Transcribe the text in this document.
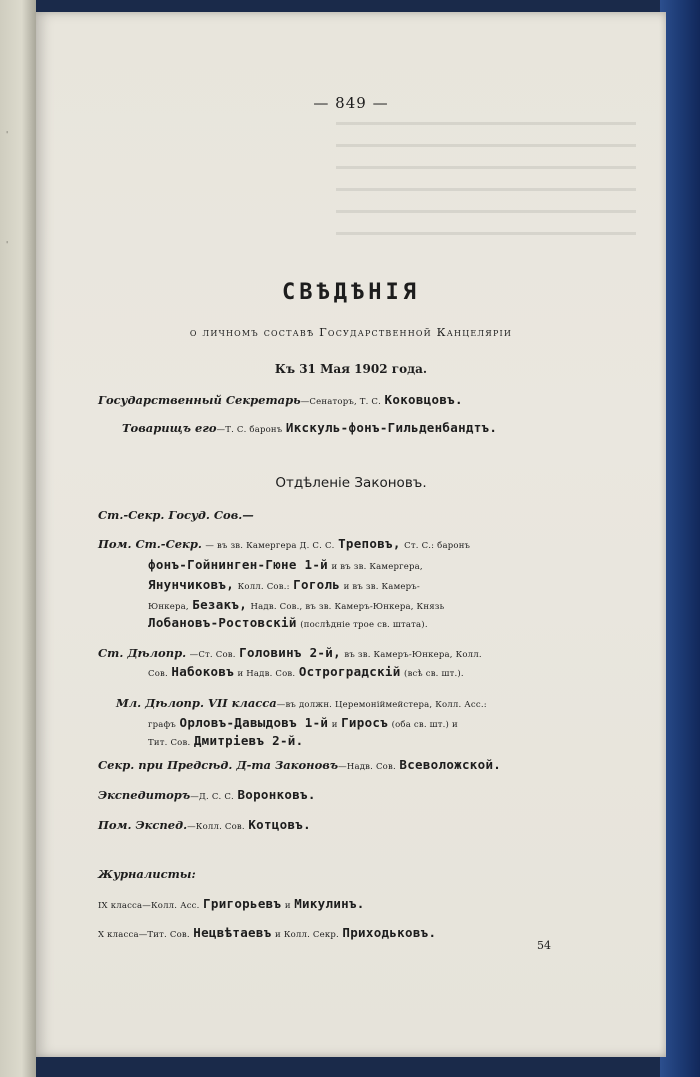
'
'
— 849 —
СВѢДѢНІЯ
о личномъ составѣ Государственной Канцеляріи
Къ 31 Мая 1902 года.
Государственный Секретарь—Сенаторъ, Т. С. Коковцовъ.
Товарищъ его—Т. С. баронъ Икскуль-фонъ-Гильденбандтъ.
Отдѣленіе Законовъ.
Ст.-Секр. Госуд. Сов.—
Пом. Ст.-Секр. — въ зв. Камергера Д. С. С. Треповъ, Ст. С.: баронъ
фонъ-Гойнинген-Гюне 1-й и въ зв. Камергера,
Янунчиковъ, Колл. Сов.: Гоголь и въ зв. Камеръ-
Юнкера, Безакъ, Надв. Сов., въ зв. Камеръ-Юнкера, Князь
Лобановъ-Ростовскій (послѣдніе трое св. штата).
Ст. Дѣлопр. —Ст. Сов. Головинъ 2-й, въ зв. Камеръ-Юнкера, Колл.
Сов. Набоковъ и Надв. Сов. Остроградскій (всѣ св. шт.).
Мл. Дѣлопр. VII класса—въ должн. Церемоніймейстера, Колл. Асс.:
графъ Орловъ-Давыдовъ 1-й и Гиросъ (оба св. шт.) и
Тит. Сов. Дмитріевъ 2-й.
Секр. при Предсѣд. Д-та Законовъ—Надв. Сов. Всеволожской.
Экспедиторъ—Д. С. С. Воронковъ.
Пом. Экспед.—Колл. Сов. Котцовъ.
Журналисты:
IX класса—Колл. Асс. Григорьевъ и Микулинъ.
X класса—Тит. Сов. Нецвѣтаевъ и Колл. Секр. Приходьковъ.
54
